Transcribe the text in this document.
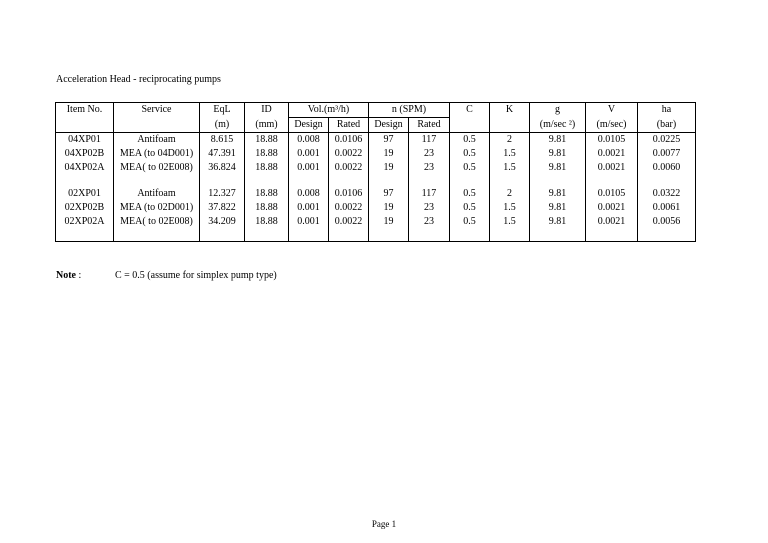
Acceleration Head - reciprocating pumps
Item No.	Service	EqL	ID	Vol.(m³/h)		n (SPM)		C	K	g	V	ha
		(m)	(mm)	Design	Rated	Design	Rated			(m/sec ²)	(m/sec)	(bar)
04XP01	Antifoam	8.615	18.88	0.008	0.0106	97	117	0.5	2	9.81	0.0105	0.0225
04XP02B	MEA (to 04D001)	47.391	18.88	0.001	0.0022	19	23	0.5	1.5	9.81	0.0021	0.0077
04XP02A	MEA( to 02E008)	36.824	18.88	0.001	0.0022	19	23	0.5	1.5	9.81	0.0021	0.0060

02XP01	Antifoam	12.327	18.88	0.008	0.0106	97	117	0.5	2	9.81	0.0105	0.0322
02XP02B	MEA (to 02D001)	37.822	18.88	0.001	0.0022	19	23	0.5	1.5	9.81	0.0021	0.0061
02XP02A	MEA( to 02E008)	34.209	18.88	0.001	0.0022	19	23	0.5	1.5	9.81	0.0021	0.0056

Note :	C = 0.5 (assume for simplex pump type)
Page 1
